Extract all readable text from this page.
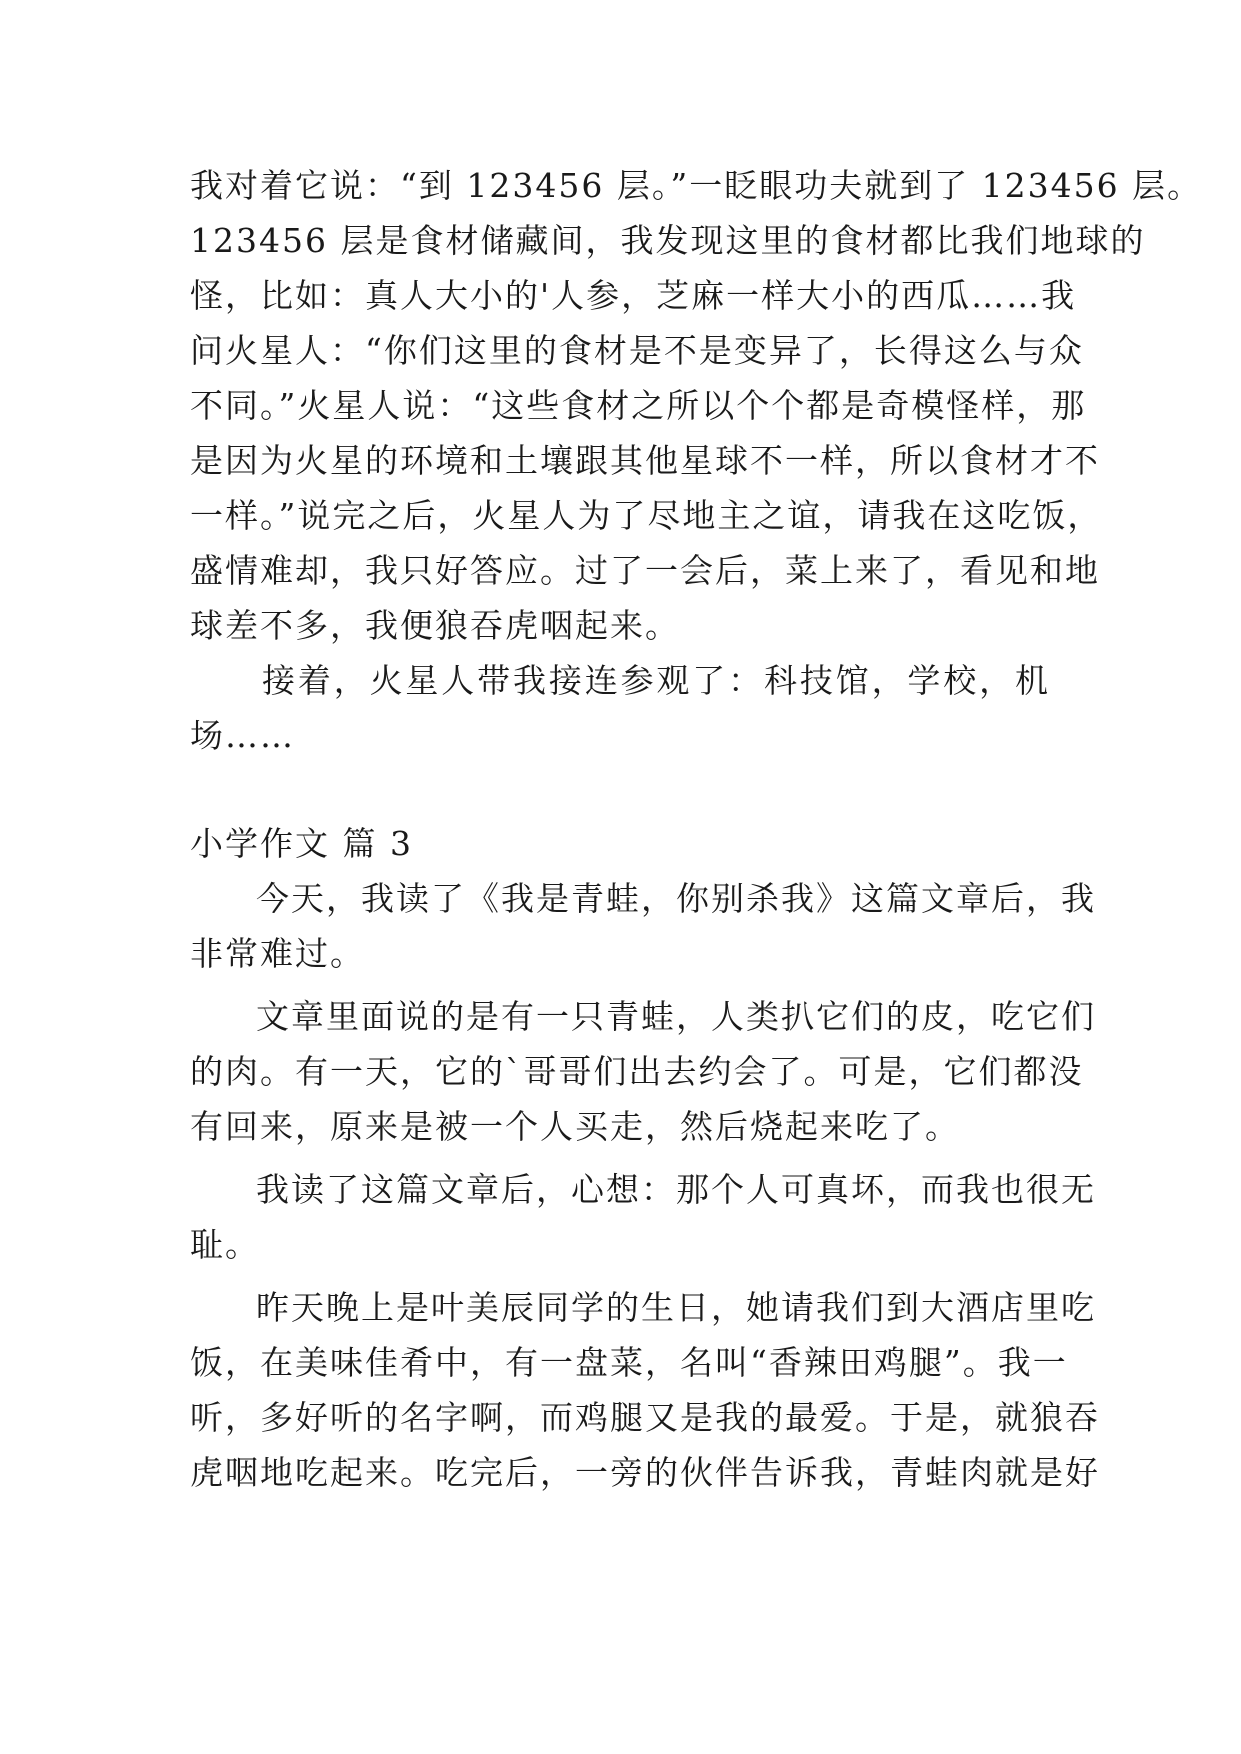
我对着它说：“到 123456 层。”一眨眼功夫就到了 123456 层。
123456 层是食材储藏间，我发现这里的食材都比我们地球的
怪，比如：真人大小的'人参，芝麻一样大小的西瓜……我
问火星人：“你们这里的食材是不是变异了，长得这么与众
不同。”火星人说：“这些食材之所以个个都是奇模怪样，那
是因为火星的环境和土壤跟其他星球不一样，所以食材才不
一样。”说完之后，火星人为了尽地主之谊，请我在这吃饭，
盛情难却，我只好答应。过了一会后，菜上来了，看见和地
球差不多，我便狼吞虎咽起来。
接着，火星人带我接连参观了：科技馆，学校，机
场……
小学作文 篇 3
今天，我读了《我是青蛙，你别杀我》这篇文章后，我
非常难过。
文章里面说的是有一只青蛙，人类扒它们的皮，吃它们
的肉。有一天，它的`哥哥们出去约会了。可是，它们都没
有回来，原来是被一个人买走，然后烧起来吃了。
我读了这篇文章后，心想：那个人可真坏，而我也很无
耻。
昨天晚上是叶美辰同学的生日，她请我们到大酒店里吃
饭，在美味佳肴中，有一盘菜，名叫“香辣田鸡腿”。我一
听，多好听的名字啊，而鸡腿又是我的最爱。于是，就狼吞
虎咽地吃起来。吃完后，一旁的伙伴告诉我，青蛙肉就是好
